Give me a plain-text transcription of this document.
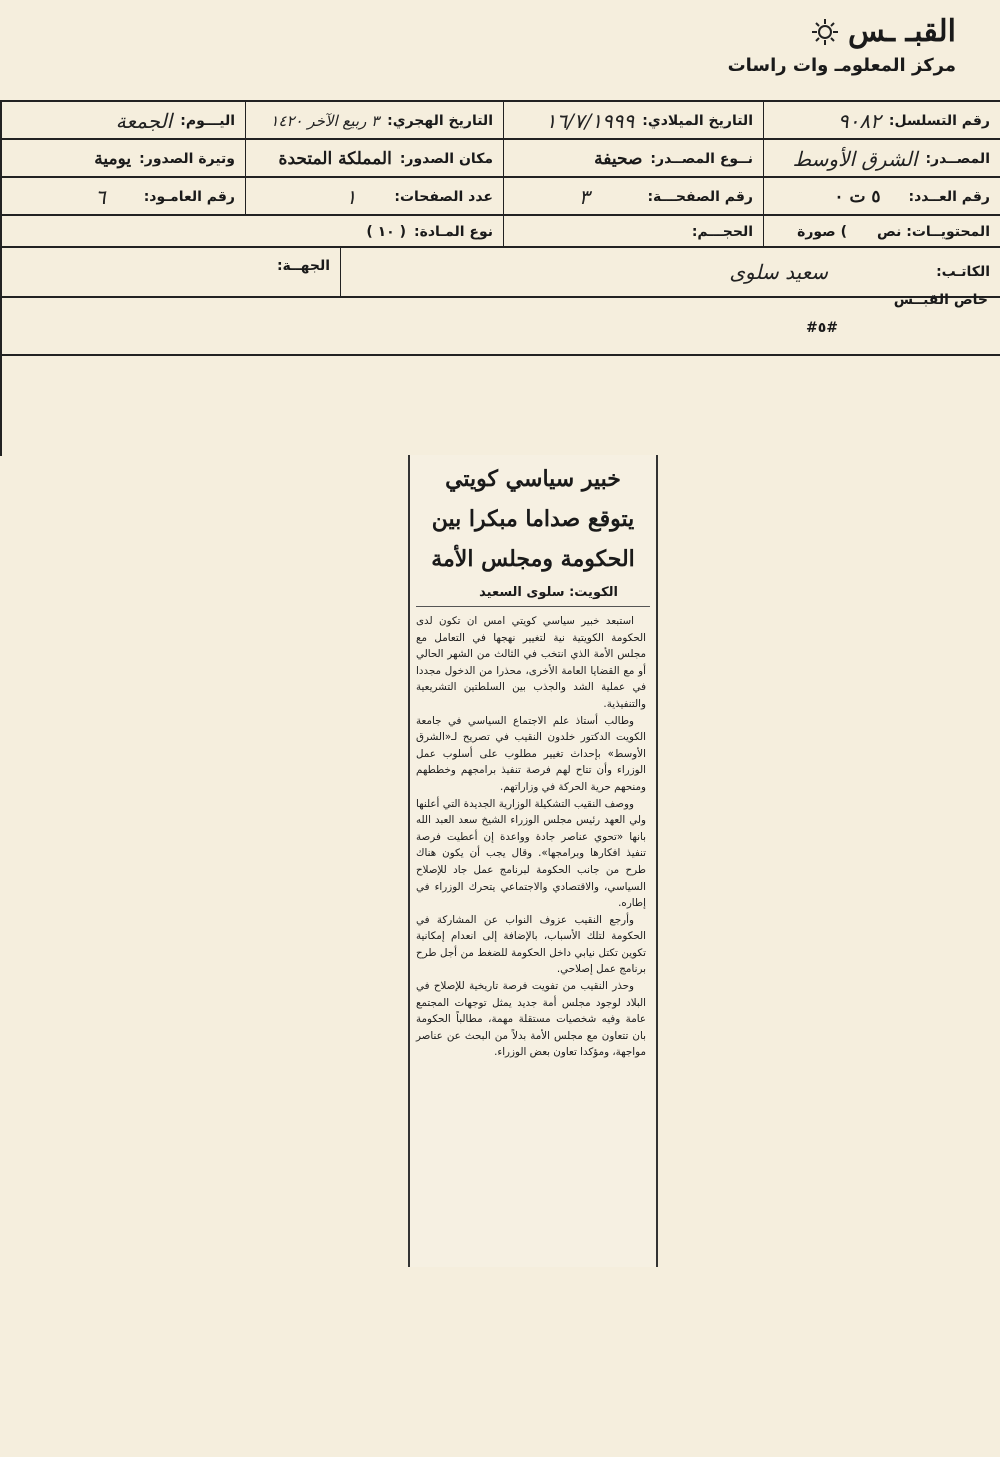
القبـ ـس
مركز المعلومـ وات راسات
رقم التسلسل:
٩٠٨٢
التاريخ الميلادي:
١٦/٧/١٩٩٩
التاريخ الهجري:
٣ ربيع الآخر ١٤٢٠
اليـــوم:
الجمعة
المصــدر:
الشرق الأوسط
نــوع المصــدر:
صحيفة
مكان الصدور:
المملكة المتحدة
وتيرة الصدور:
يومية
رقم العــدد:
٥ ت ٠
رقم الصفحـــة:
٣
عدد الصفحات:
١
رقم العامـود:
٦
المحتويــات: نص
) صورة
الحجـــم:
نوع المـادة:
( ١٠ )
الكاتـب:
سعيد سلوى
الجهــة:
خاص القبــس
#٥#
خبير سياسي كويتي
يتوقع صداما مبكرا بين
الحكومة ومجلس الأمة
الكويت: سلوى السعيد

استبعد خبير سياسي كويتي امس ان تكون لدى الحكومة الكويتية نية لتغيير نهجها في التعامل مع مجلس الأمة الذي انتخب في الثالث من الشهر الحالي أو مع القضايا العامة الأخرى، محذرا من الدخول مجددا في عملية الشد والجذب بين السلطتين التشريعية والتنفيذية.

وطالب أستاذ علم الاجتماع السياسي في جامعة الكويت الدكتور خلدون النقيب في تصريح لـ«الشرق الأوسط» بإحداث تغيير مطلوب على أسلوب عمل الوزراء وأن تتاح لهم فرصة تنفيذ برامجهم وخططهم ومنحهم حرية الحركة في وزاراتهم.

ووصف النقيب التشكيلة الوزارية الجديدة التي أعلنها ولي العهد رئيس مجلس الوزراء الشيخ سعد العبد الله بانها «تحوي عناصر جادة وواعدة إن أعطيت فرصة تنفيذ افكارها وبرامجها». وقال يجب أن يكون هناك طرح من جانب الحكومة لبرنامج عمل جاد للإصلاح السياسي، والاقتصادي والاجتماعي يتحرك الوزراء في إطاره.

وأرجع النقيب عزوف النواب عن المشاركة في الحكومة لتلك الأسباب، بالإضافة إلى انعدام إمكانية تكوين تكتل نيابي داخل الحكومة للضغط من أجل طرح برنامج عمل إصلاحي.

وحذر النقيب من تفويت فرصة تاريخية للإصلاح في البلاد لوجود مجلس أمة جديد يمثل توجهات المجتمع عامة وفيه شخصيات مستقلة مهمة، مطالباً الحكومة بان تتعاون مع مجلس الأمة بدلاً من البحث عن عناصر مواجهة، ومؤكدا تعاون بعض الوزراء.
